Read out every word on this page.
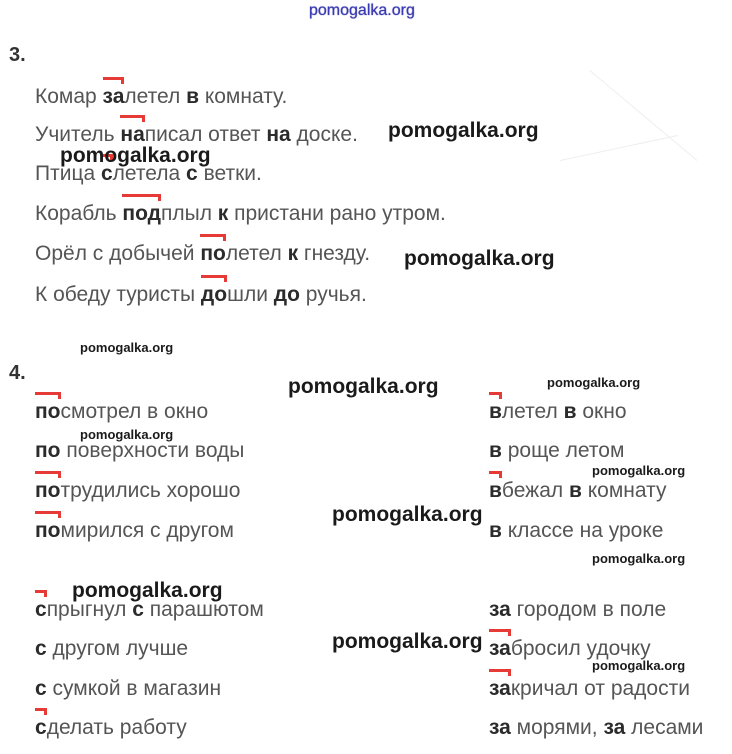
pomogalka.org
3.
Комар за
летел в комнату.
Учитель на
писал ответ на доске.
Птица с
летела с ветки.
Корабль под
плыл к пристани рано утром.
Орёл с добычей по
летел к гнезду.
К обеду туристы до
шли до ручья.
4.
по
смотрел в окно
по поверхности воды
по
трудились хорошо
по
мирился с другом
с
прыгнул с парашютом
с другом лучше
с сумкой в магазин
с
делать работу
в
летел в окно
в роще летом
в
бежал в комнату
в классе на уроке
за городом в поле
за
бросил удочку
за
кричал от радости
за морями, за лесами
pomogalka.org
pomogalka.org
pomogalka.org
pomogalka.org
pomogalka.org	pomogalka.org
pomogalka.org
pomogalka.org
pomogalka.org
pomogalka.org
pomogalka.org
pomogalka.org
pomogalka.org
